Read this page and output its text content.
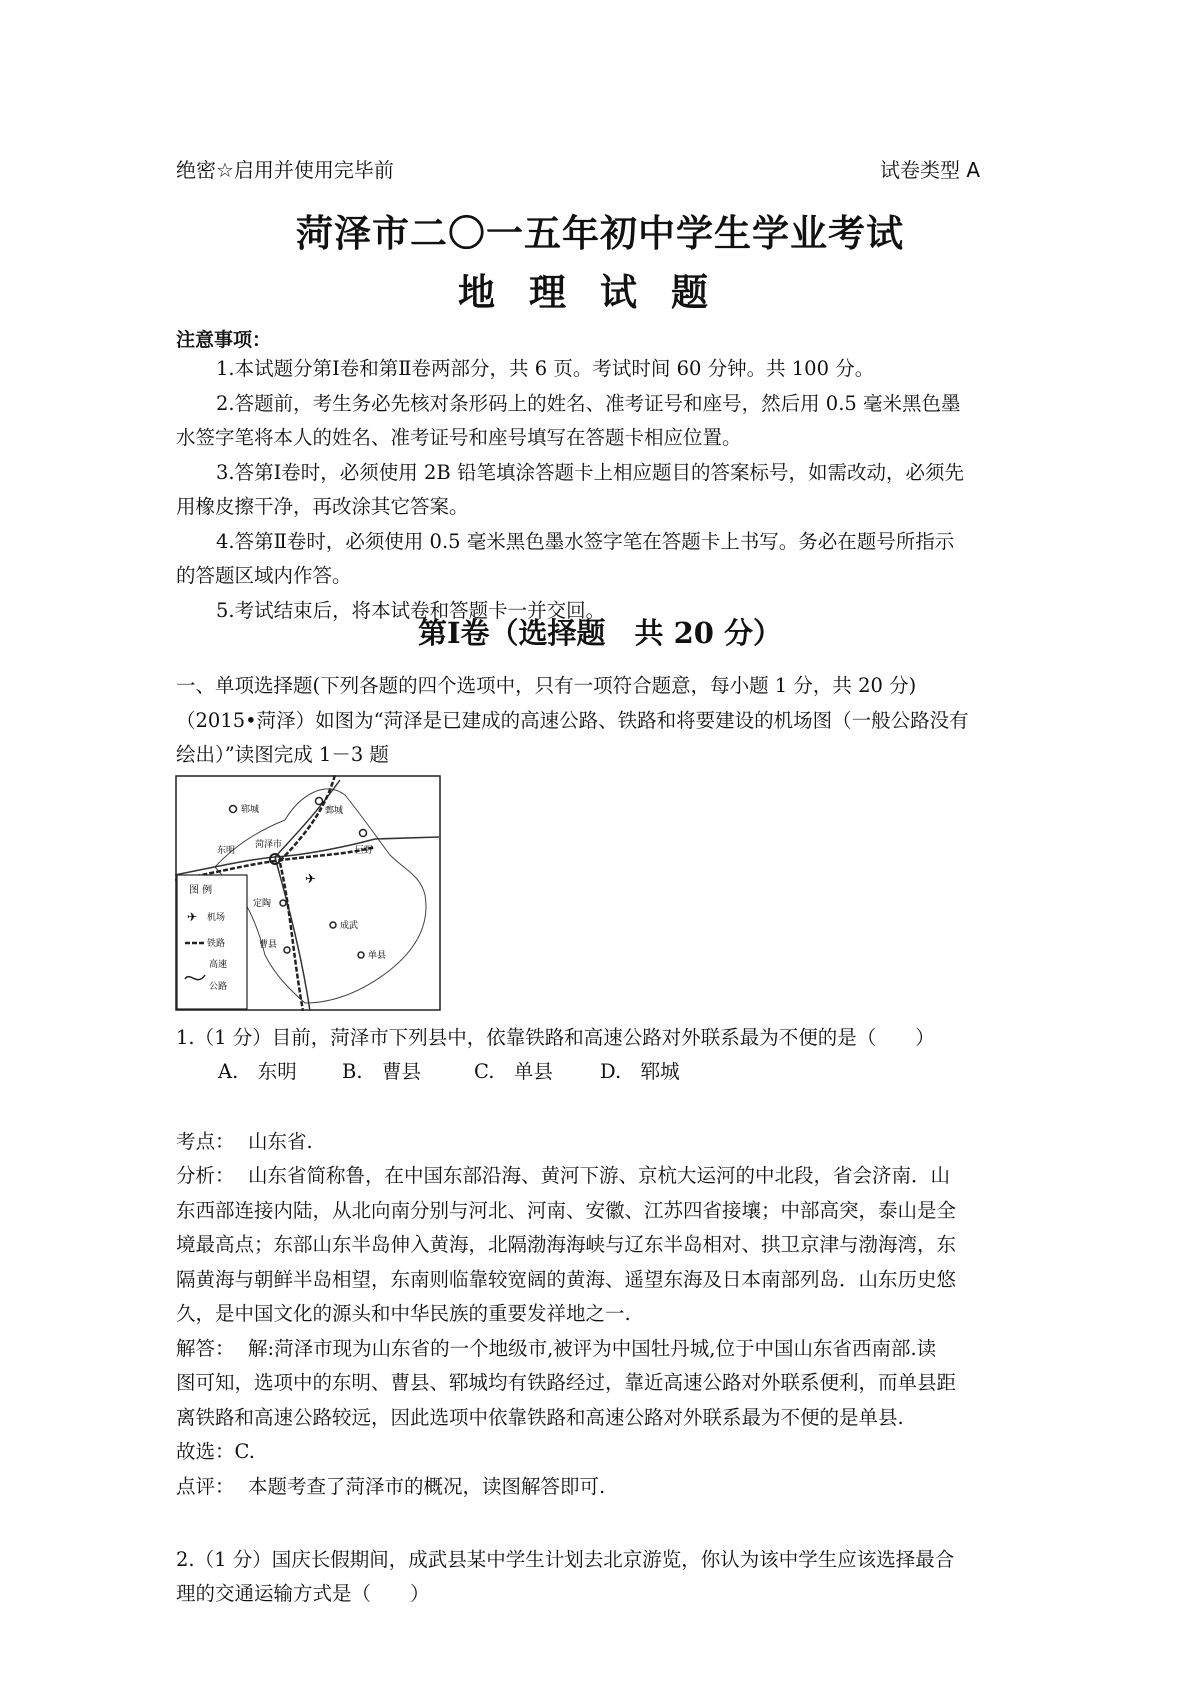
绝密☆启用并使用完毕前	试卷类型 A
菏泽市二〇一五年初中学生学业考试
地理试题
注意事项：
1.本试题分第Ⅰ卷和第Ⅱ卷两部分，共 6 页。考试时间 60 分钟。共 100 分。
2.答题前，考生务必先核对条形码上的姓名、准考证号和座号，然后用 0.5 毫米黑色墨
水签字笔将本人的姓名、准考证号和座号填写在答题卡相应位置。
3.答第Ⅰ卷时，必须使用 2B 铅笔填涂答题卡上相应题目的答案标号，如需改动，必须先
用橡皮擦干净，再改涂其它答案。
4.答第Ⅱ卷时，必须使用 0.5 毫米黑色墨水签字笔在答题卡上书写。务必在题号所指示
的答题区域内作答。
5.考试结束后，将本试卷和答题卡一并交回。
第Ⅰ卷（选择题　共 20 分）
一、单项选择题(下列各题的四个选项中，只有一项符合题意，每小题 1 分，共 20 分)
（2015•菏泽）如图为“菏泽是已建成的高速公路、铁路和将要建设的机场图（一般公路没有
绘出）”读图完成 1－3 题
郓城	鄄城
东明
菏泽市
巨野
定陶
成武
曹县
单县
✈
图 例
✈ 机场
铁路
高速
公路
1.（1 分）目前，菏泽市下列县中，依靠铁路和高速公路对外联系最为不便的是（　　）
A.　东明 B.　曹县	C.　单县 D.　郓城
考点： 山东省.
分析： 山东省简称鲁，在中国东部沿海、黄河下游、京杭大运河的中北段，省会济南．山
东西部连接内陆，从北向南分别与河北、河南、安徽、江苏四省接壤；中部高突，泰山是全
境最高点；东部山东半岛伸入黄海，北隔渤海海峡与辽东半岛相对、拱卫京津与渤海湾，东
隔黄海与朝鲜半岛相望，东南则临靠较宽阔的黄海、遥望东海及日本南部列岛．山东历史悠
久，是中国文化的源头和中华民族的重要发祥地之一.
解答： 解:菏泽市现为山东省的一个地级市,被评为中国牡丹城,位于中国山东省西南部.读
图可知，选项中的东明、曹县、郓城均有铁路经过，靠近高速公路对外联系便利，而单县距
离铁路和高速公路较远，因此选项中依靠铁路和高速公路对外联系最为不便的是单县.
故选：C.
点评： 本题考查了菏泽市的概况，读图解答即可.
2.（1 分）国庆长假期间，成武县某中学生计划去北京游览，你认为该中学生应该选择最合
理的交通运输方式是（　　）
